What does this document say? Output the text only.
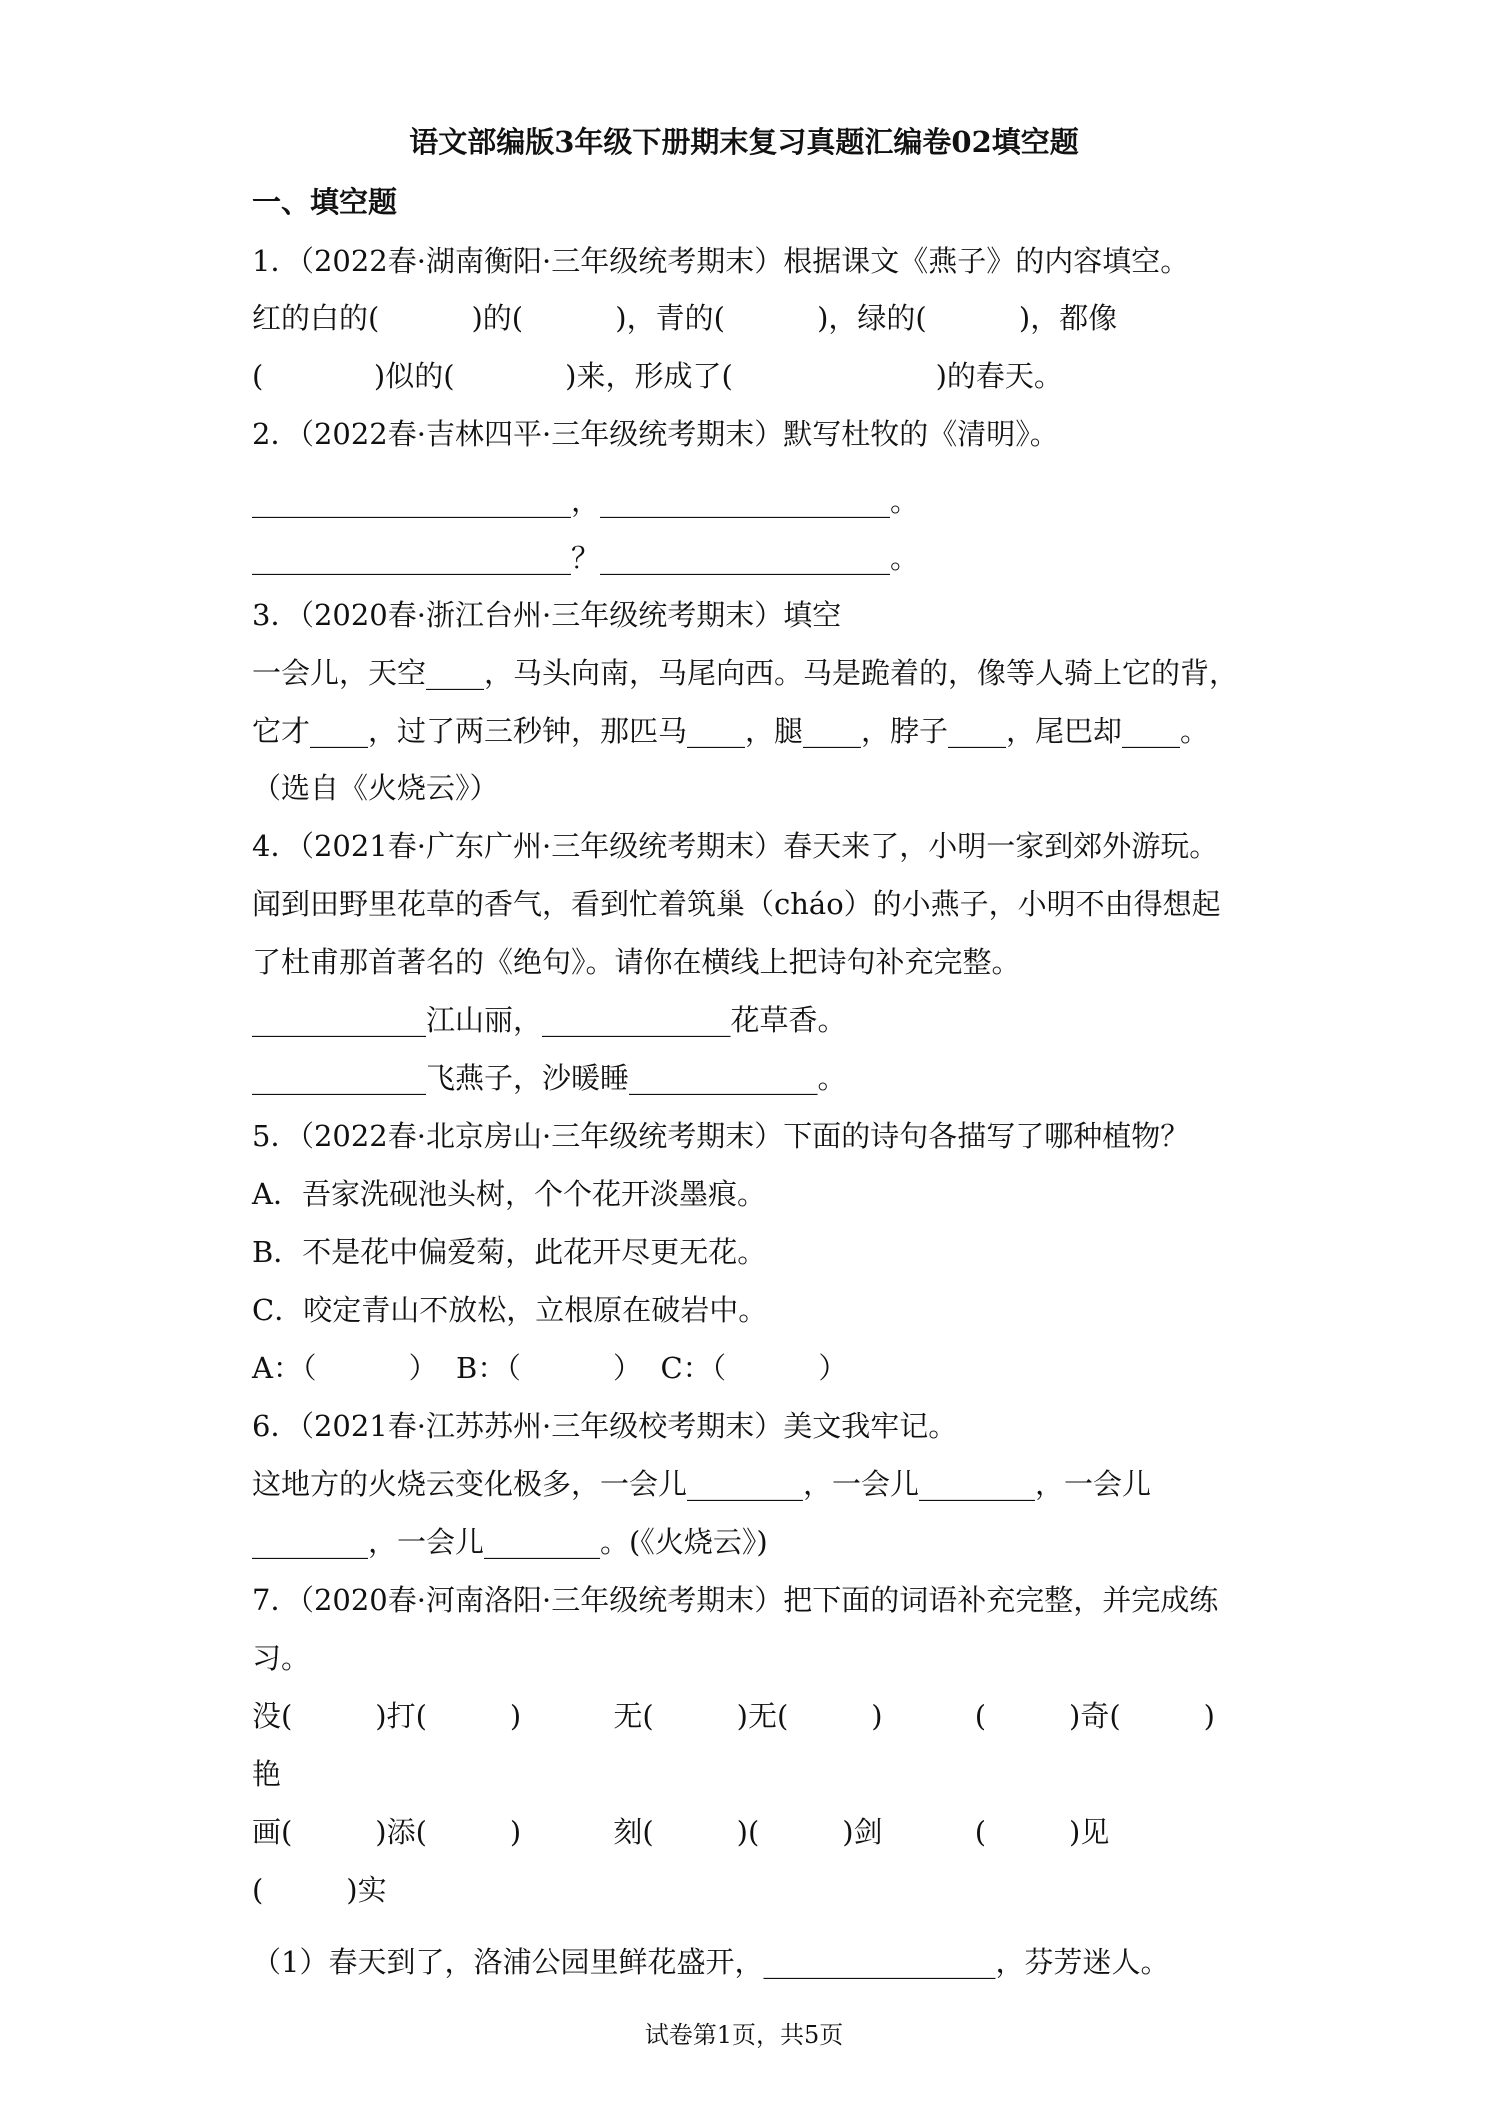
语文部编版3年级下册期末复习真题汇编卷02填空题
一、填空题
1．（2022春·湖南衡阳·三年级统考期末）根据课文《燕子》的内容填空。
红的白的(          )的(          )，青的(          )，绿的(          )，都像
(            )似的(            )来，形成了(                      )的春天。
2．（2022春·吉林四平·三年级统考期末）默写杜牧的《清明》。
______________________，____________________。
______________________？____________________。
3．（2020春·浙江台州·三年级统考期末）填空
一会儿，天空____，马头向南，马尾向西。马是跪着的，像等人骑上它的背，
它才____，过了两三秒钟，那匹马____，腿____，脖子____，尾巴却____。
（选自《火烧云》）
4．（2021春·广东广州·三年级统考期末）春天来了，小明一家到郊外游玩。
闻到田野里花草的香气，看到忙着筑巢（cháo）的小燕子，小明不由得想起
了杜甫那首著名的《绝句》。请你在横线上把诗句补充完整。
____________江山丽，_____________花草香。
____________飞燕子，沙暖睡_____________。
5．（2022春·北京房山·三年级统考期末）下面的诗句各描写了哪种植物？
A．吾家洗砚池头树，个个花开淡墨痕。
B．不是花中偏爱菊，此花开尽更无花。
C．咬定青山不放松，立根原在破岩中。
A：（          ）  B：（          ）  C：（          ）
6．（2021春·江苏苏州·三年级校考期末）美文我牢记。
这地方的火烧云变化极多，一会儿________，一会儿________，一会儿
________，一会儿________。(《火烧云》)
7．（2020春·河南洛阳·三年级统考期末）把下面的词语补充完整，并完成练
习。
没(         )打(         )          无(         )无(         )          (         )奇(         )
艳
画(         )添(         )          刻(         )(         )剑          (         )见
(         )实
（1）春天到了，洛浦公园里鲜花盛开，________________，芬芳迷人。
试卷第1页，共5页
